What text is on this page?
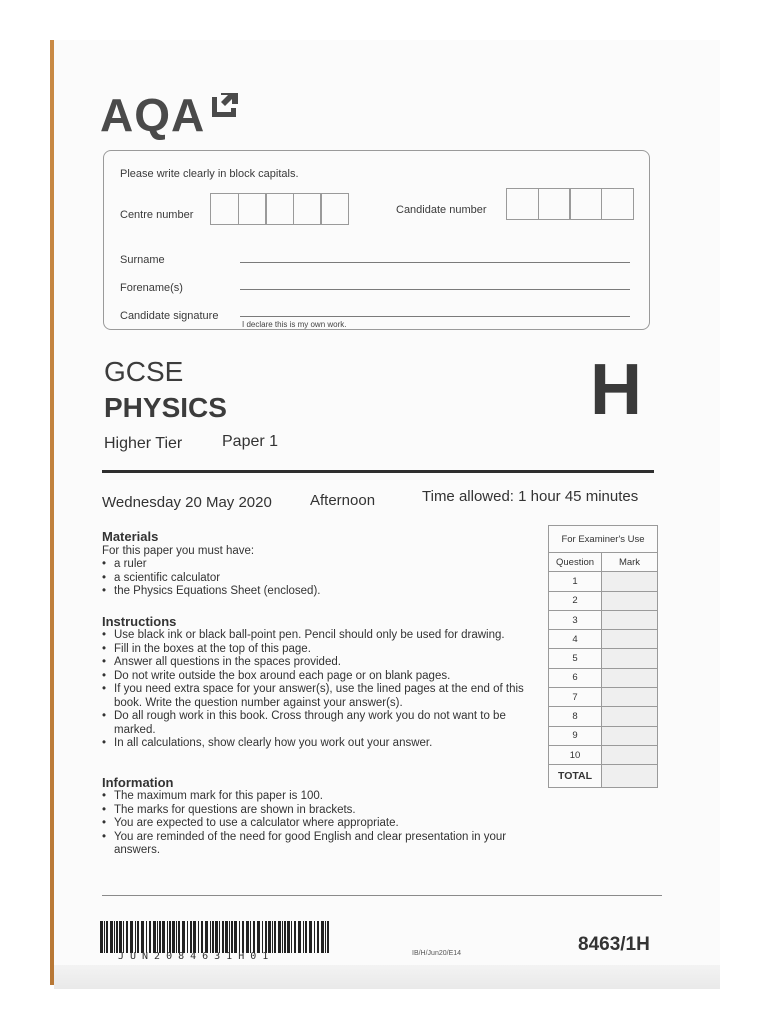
AQA
Please write clearly in block capitals.
Centre number	Candidate number
Surname
Forename(s)
Candidate signature
I declare this is my own work.
GCSE
PHYSICS
Higher Tier Paper 1
H
Wednesday 20 May 2020	Afternoon	Time allowed: 1 hour 45 minutes
Materials
For this paper you must have:
• a ruler
• a scientific calculator
• the Physics Equations Sheet (enclosed).
Instructions
• Use black ink or black ball-point pen. Pencil should only be used for drawing.
• Fill in the boxes at the top of this page.
• Answer all questions in the spaces provided.
• Do not write outside the box around each page or on blank pages.
• If you need extra space for your answer(s), use the lined pages at the end of this book. Write the question number against your answer(s).
• Do all rough work in this book. Cross through any work you do not want to be marked.
• In all calculations, show clearly how you work out your answer.
Information
• The maximum mark for this paper is 100.
• The marks for questions are shown in brackets.
• You are expected to use a calculator where appropriate.
• You are reminded of the need for good English and clear presentation in your answers.
For Examiner's Use	
Question	Mark
1	
2	
3	
4	
5	
6	
7	
8	
9	
10	
TOTAL	
JUN2084631H01	IB/H/Jun20/E14	8463/1H
